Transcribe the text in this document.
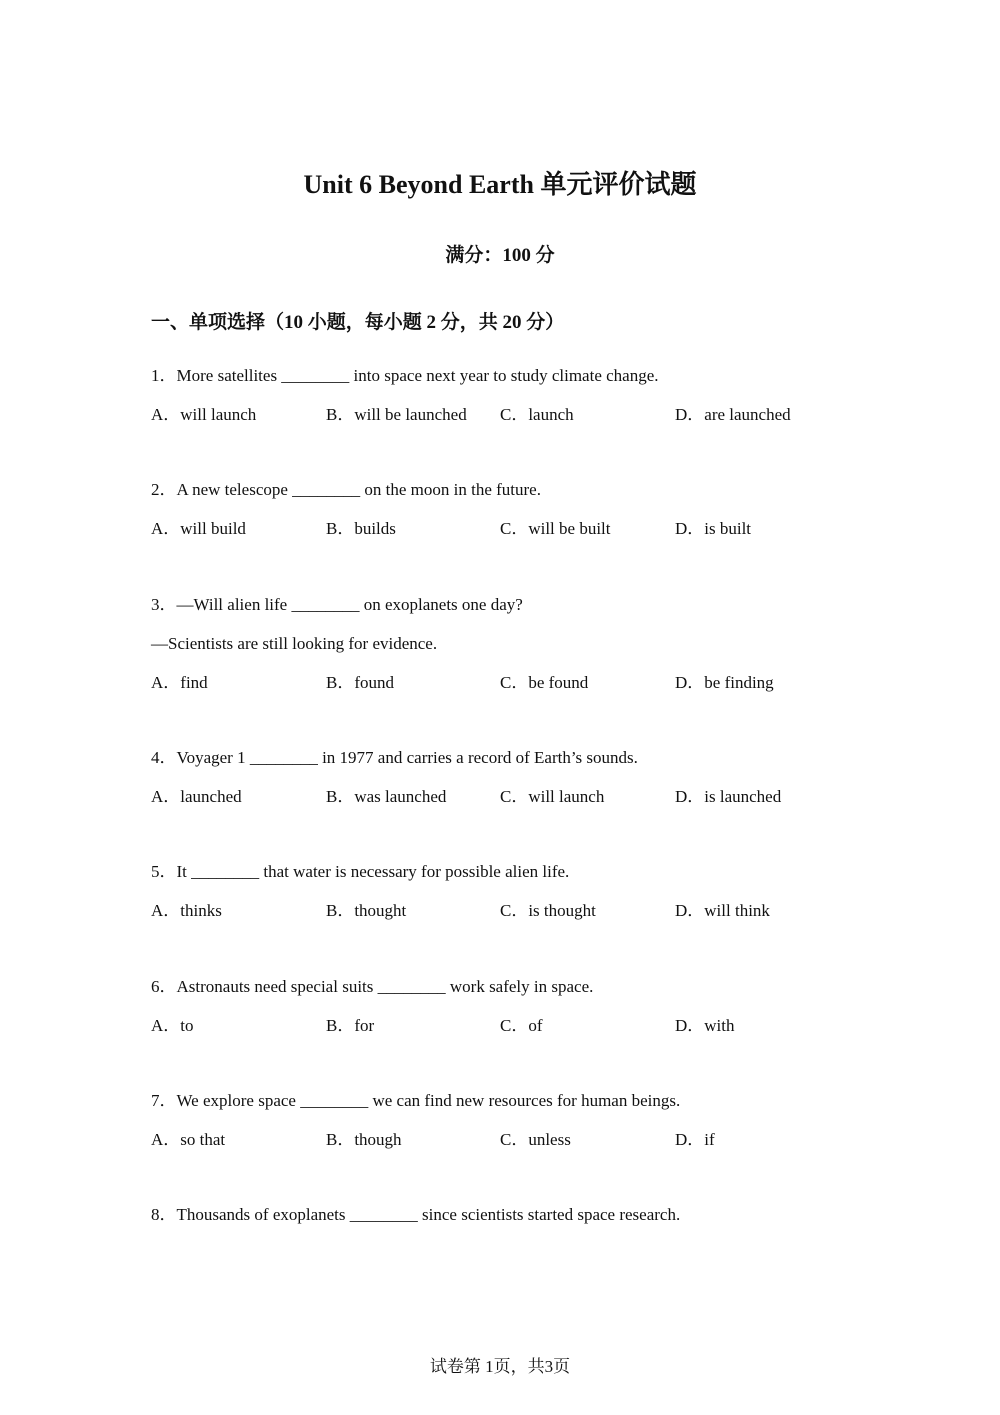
Unit 6 Beyond Earth 单元评价试题
满分：100 分
一、单项选择（10 小题，每小题 2 分，共 20 分）
1．More satellites ________ into space next year to study climate change.
A．will launch	B．will be launched C．launch	D．are launched
2．A new telescope ________ on the moon in the future.
A．will build	B．builds	C．will be built	D．is built
3．—Will alien life ________ on exoplanets one day?
—Scientists are still looking for evidence.
A．find	B．found	C．be found	D．be finding
4．Voyager 1 ________ in 1977 and carries a record of Earth’s sounds.
A．launched	B．was launched	C．will launch	D．is launched
5．It ________ that water is necessary for possible alien life.
A．thinks	B．thought	C．is thought	D．will think
6．Astronauts need special suits ________ work safely in space.
A．to	B．for	C．of	D．with
7．We explore space ________ we can find new resources for human beings.
A．so that	B．though	C．unless	D．if
8．Thousands of exoplanets ________ since scientists started space research.
试卷第 1页，共3页
